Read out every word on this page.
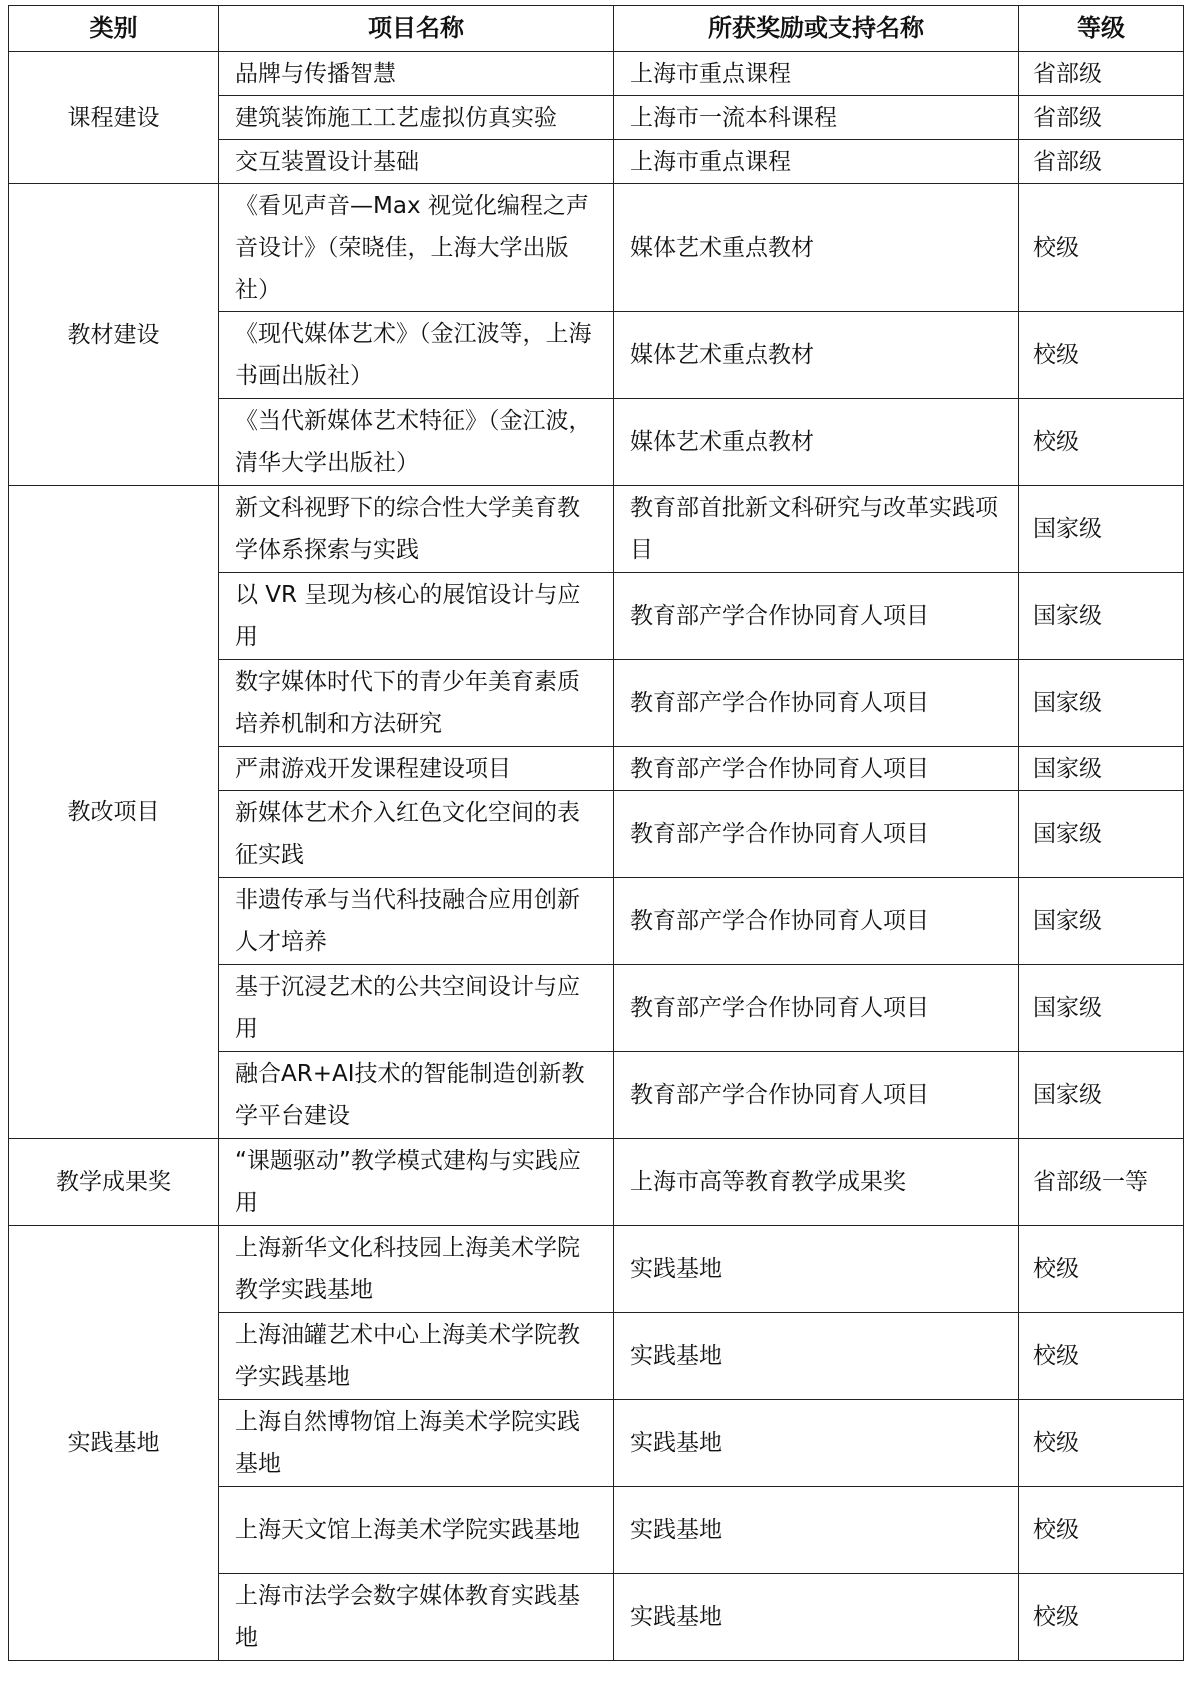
类别	项目名称	所获奖励或支持名称	等级
课程建设	品牌与传播智慧	上海市重点课程	省部级
	建筑装饰施工工艺虚拟仿真实验	上海市一流本科课程	省部级
	交互装置设计基础	上海市重点课程	省部级
教材建设	《看见声音—Max 视觉化编程之声音设计》（荣晓佳，上海大学出版社）	媒体艺术重点教材	校级
	《现代媒体艺术》（金江波等，上海书画出版社）	媒体艺术重点教材	校级
	《当代新媒体艺术特征》（金江波，清华大学出版社）	媒体艺术重点教材	校级
教改项目	新文科视野下的综合性大学美育教学体系探索与实践	教育部首批新文科研究与改革实践项目	国家级
	以 VR 呈现为核心的展馆设计与应用	教育部产学合作协同育人项目	国家级
	数字媒体时代下的青少年美育素质培养机制和方法研究	教育部产学合作协同育人项目	国家级
	严肃游戏开发课程建设项目	教育部产学合作协同育人项目	国家级
	新媒体艺术介入红色文化空间的表征实践	教育部产学合作协同育人项目	国家级
	非遗传承与当代科技融合应用创新人才培养	教育部产学合作协同育人项目	国家级
	基于沉浸艺术的公共空间设计与应用	教育部产学合作协同育人项目	国家级
	融合AR+AI技术的智能制造创新教学平台建设	教育部产学合作协同育人项目	国家级
教学成果奖	“课题驱动”教学模式建构与实践应用	上海市高等教育教学成果奖	省部级一等
实践基地	上海新华文化科技园上海美术学院教学实践基地	实践基地	校级
	上海油罐艺术中心上海美术学院教学实践基地	实践基地	校级
	上海自然博物馆上海美术学院实践基地	实践基地	校级
	上海天文馆上海美术学院实践基地	实践基地	校级
	上海市法学会数字媒体教育实践基地	实践基地	校级
